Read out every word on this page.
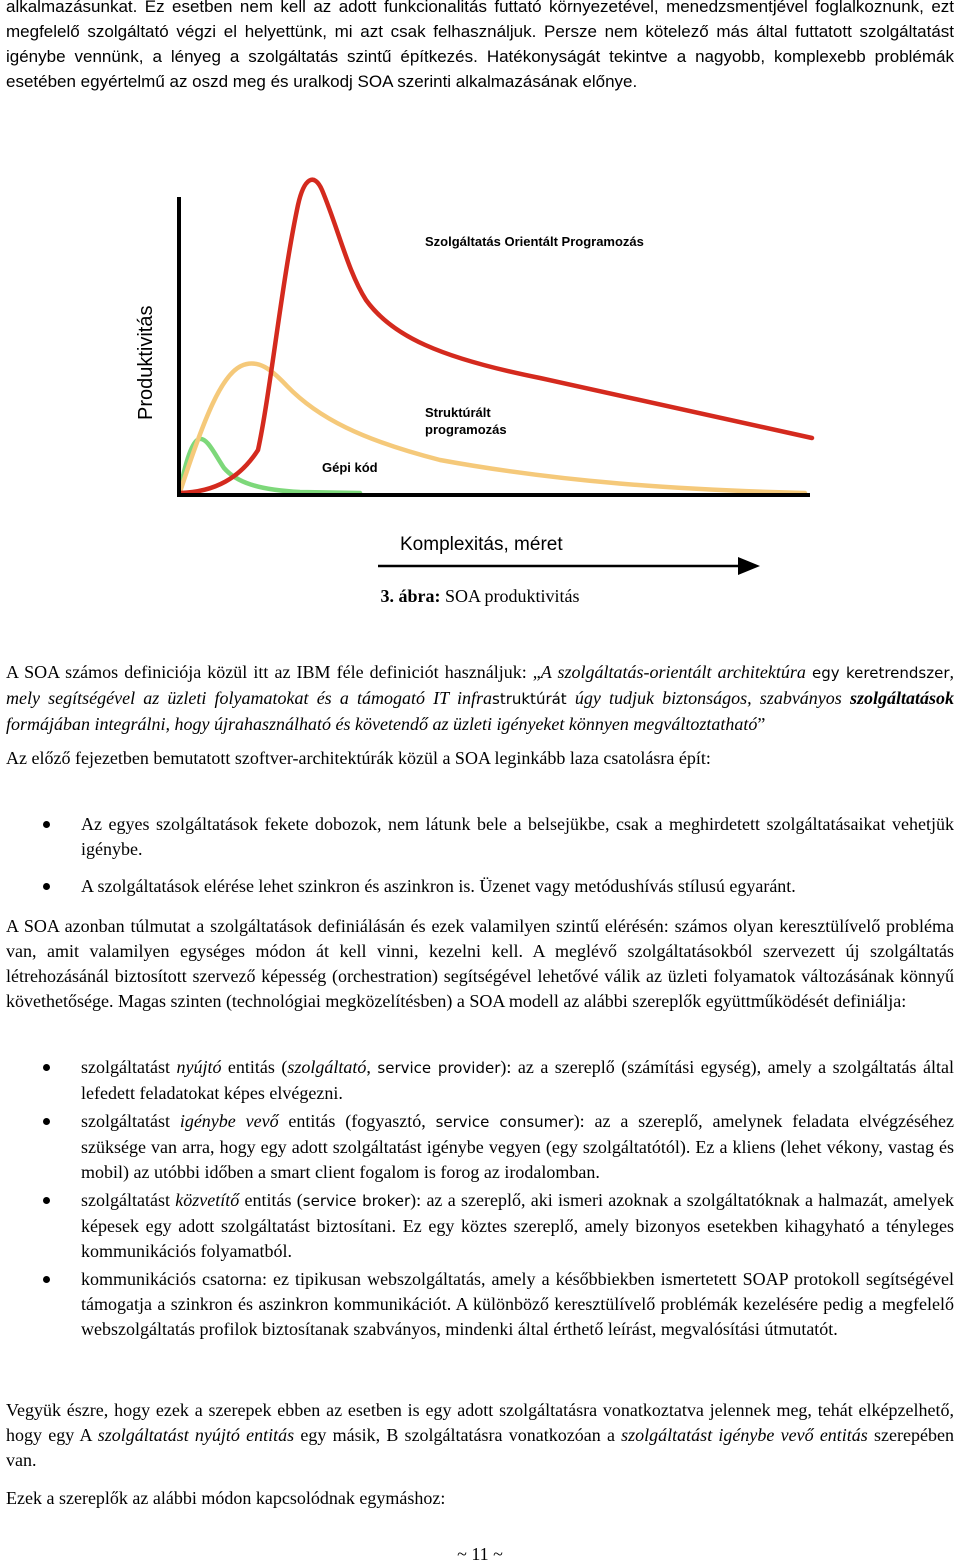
alkalmazásunkat. Ez esetben nem kell az adott funkcionalitás futtató környezetével, menedzsmentjével foglalkoznunk, ezt megfelelő szolgáltató végzi el helyettünk, mi azt csak felhasználjuk. Persze nem kötelező más által futtatott szolgáltatást igénybe vennünk, a lényeg a szolgáltatás szintű építkezés. Hatékonyságát tekintve a nagyobb, komplexebb problémák esetében egyértelmű az oszd meg és uralkodj SOA szerinti alkalmazásának előnye.

Produktivitás
Komplexitás, méret
Szolgáltatás Orientált Programozás
Struktúrált
programozás
Gépi kód

3. ábra: SOA produktivitás

A SOA számos definiciója közül itt az IBM féle definiciót használjuk: „A szolgáltatás-orientált architektúra egy keretrendszer, mely segítségével az üzleti folyamatokat és a támogató IT infrastruktúrát úgy tudjuk biztonságos, szabványos szolgáltatások formájában integrálni, hogy újrahasználható és követendő az üzleti igényeket könnyen megváltoztatható”

Az előző fejezetben bemutatott szoftver-architektúrák közül a SOA leginkább laza csatolásra épít:

Az egyes szolgáltatások fekete dobozok, nem látunk bele a belsejükbe, csak a meghirdetett szolgáltatásaikat vehetjük igénybe.
A szolgáltatások elérése lehet szinkron és aszinkron is. Üzenet vagy metódushívás stílusú egyaránt.

A SOA azonban túlmutat a szolgáltatások definiálásán és ezek valamilyen szintű elérésén: számos olyan keresztülívelő probléma van, amit valamilyen egységes módon át kell vinni, kezelni kell. A meglévő szolgáltatásokból szervezett új szolgáltatás létrehozásánál biztosított szervező képesség (orchestration) segítségével lehetővé válik az üzleti folyamatok változásának könnyű követhetősége. Magas szinten (technológiai megközelítésben) a SOA modell az alábbi szereplők együttműködését definiálja:

szolgáltatást nyújtó entitás (szolgáltató, service provider): az a szereplő (számítási egység), amely a szolgáltatás által lefedett feladatokat képes elvégezni.
szolgáltatást igénybe vevő entitás (fogyasztó, service consumer): az a szereplő, amelynek feladata elvégzéséhez szüksége van arra, hogy egy adott szolgáltatást igénybe vegyen (egy szolgáltatótól). Ez a kliens (lehet vékony, vastag és mobil) az utóbbi időben a smart client fogalom is forog az irodalomban.
szolgáltatást közvetítő entitás (service broker): az a szereplő, aki ismeri azoknak a szolgáltatóknak a halmazát, amelyek képesek egy adott szolgáltatást biztosítani. Ez egy köztes szereplő, amely bizonyos esetekben kihagyható a tényleges kommunikációs folyamatból.
kommunikációs csatorna: ez tipikusan webszolgáltatás, amely a későbbiekben ismertetett SOAP protokoll segítségével támogatja a szinkron és aszinkron kommunikációt. A különböző keresztülívelő problémák kezelésére pedig a megfelelő webszolgáltatás profilok biztosítanak szabványos, mindenki által érthető leírást, megvalósítási útmutatót.

Vegyük észre, hogy ezek a szerepek ebben az esetben is egy adott szolgáltatásra vonatkoztatva jelennek meg, tehát elképzelhető, hogy egy A szolgáltatást nyújtó entitás egy másik, B szolgáltatásra vonatkozóan a szolgáltatást igénybe vevő entitás szerepében van.

Ezek a szereplők az alábbi módon kapcsolódnak egymáshoz:

~ 11 ~
